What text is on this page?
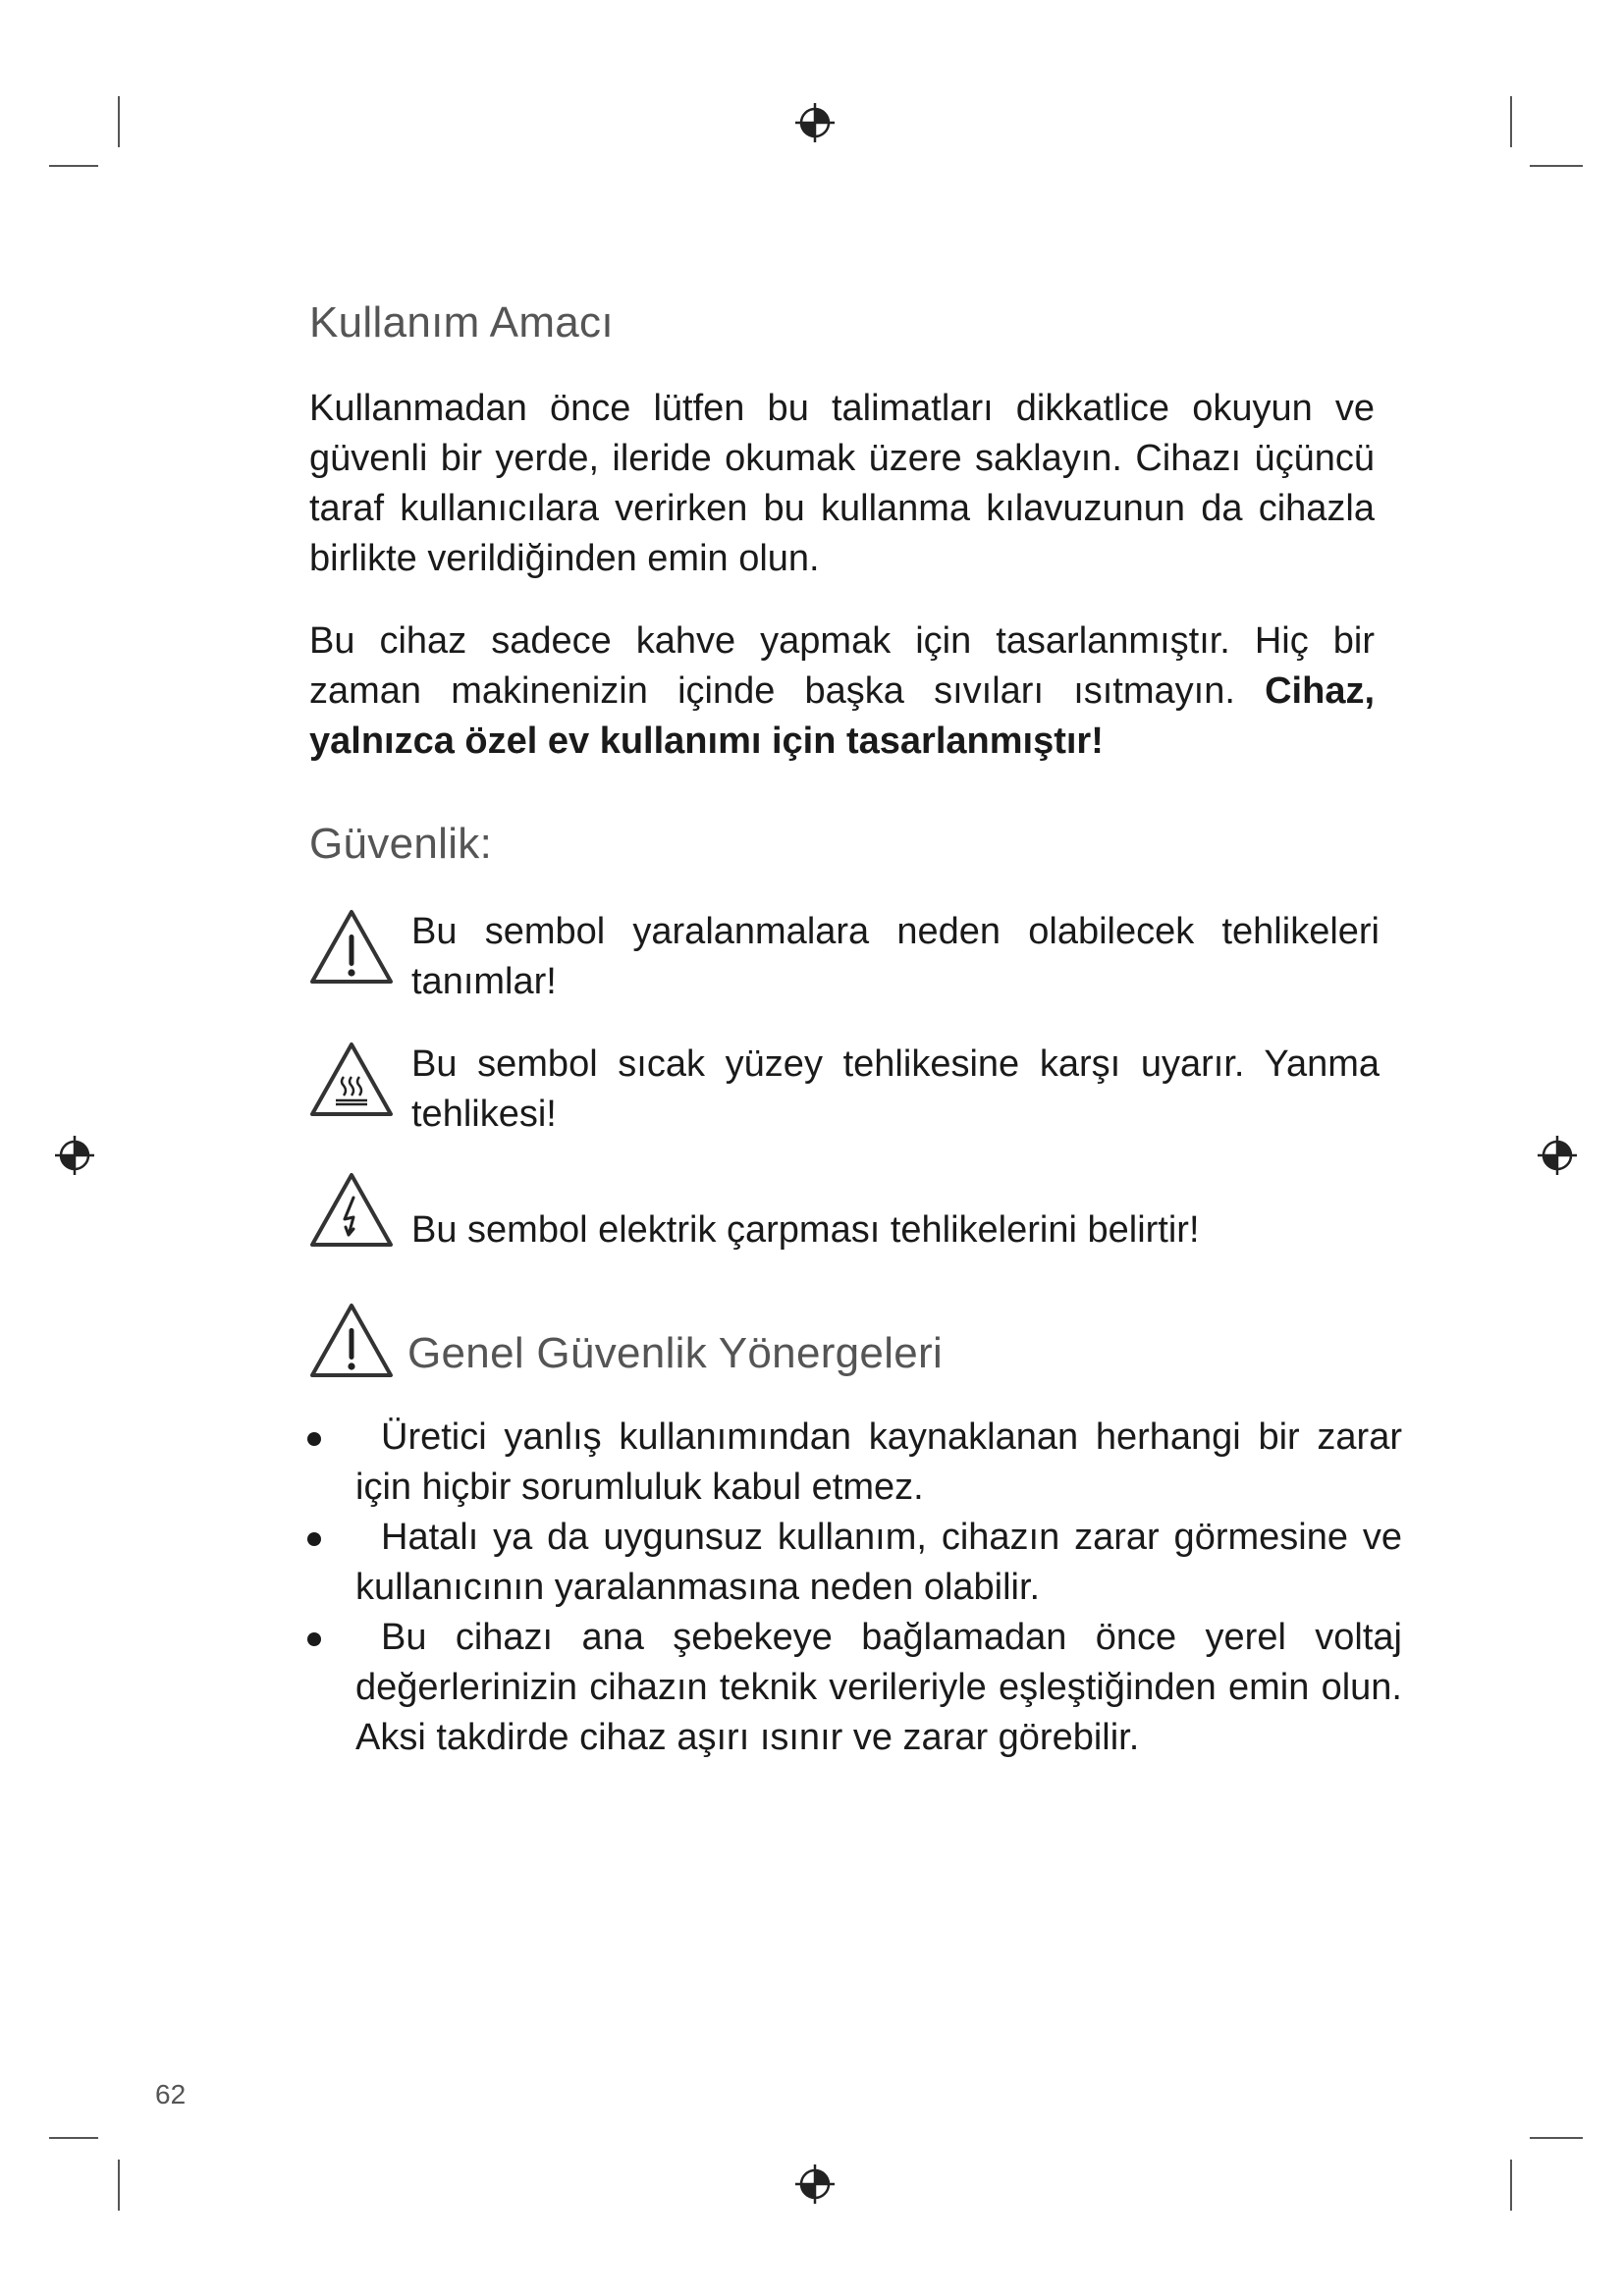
Kullanım Amacı

Kullanmadan önce lütfen bu talimatları dikkatlice okuyun ve güvenli bir yerde, ileride okumak üzere saklayın. Cihazı üçüncü taraf kullanıcılara verirken bu kullanma kılavuzunun da cihazla birlikte verildiğinden emin olun.

Bu cihaz sadece kahve yapmak için tasarlanmıştır. Hiç bir zaman makinenizin içinde başka sıvıları ısıtmayın. Cihaz, yalnızca özel ev kullanımı için tasarlanmıştır!

Güvenlik:
Bu sembol yaralanmalara neden olabilecek tehlikeleri tanımlar!
Bu sembol sıcak yüzey tehlikesine karşı uyarır. Yanma tehlikesi!
Bu sembol elektrik çarpması tehlikelerini belirtir!
Genel Güvenlik Yönergeleri
Üretici yanlış kullanımından kaynaklanan herhangi bir zarar için hiçbir sorumluluk kabul etmez.
Hatalı ya da uygunsuz kullanım, cihazın zarar görmesine ve kullanıcının yaralanmasına neden olabilir.
Bu cihazı ana şebekeye bağlamadan önce yerel voltaj değerlerinizin cihazın teknik verileriyle eşleştiğinden emin olun. Aksi takdirde cihaz aşırı ısınır ve zarar görebilir.
62
